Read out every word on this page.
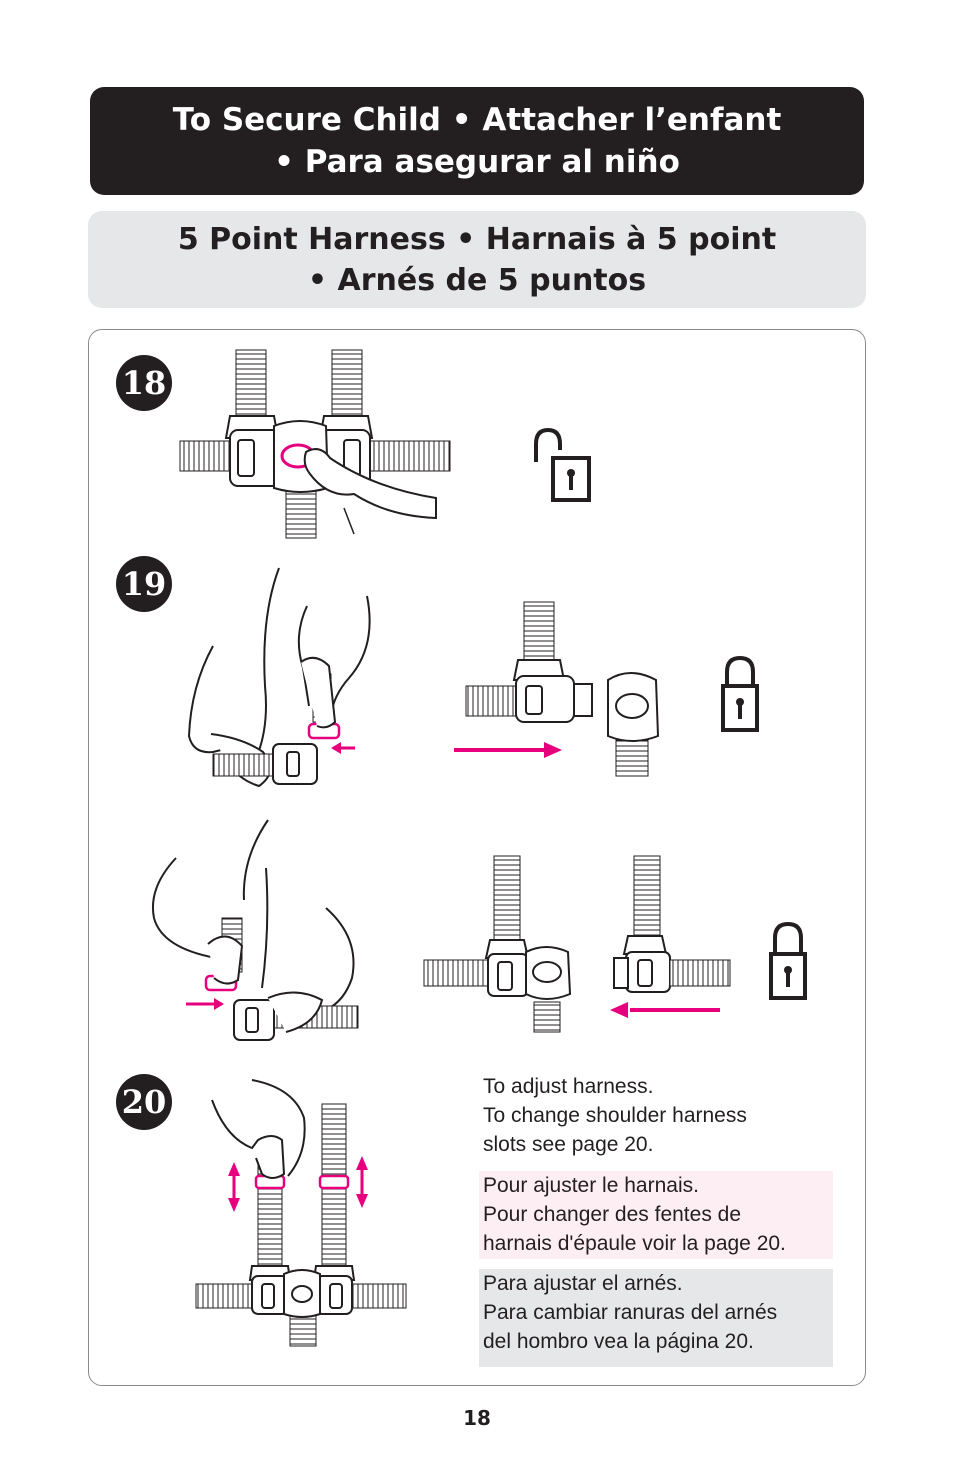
To Secure Child • Attacher l’enfant
• Para asegurar al niño
5 Point Harness • Harnais à 5 point
• Arnés de 5 puntos
18
19
20	To adjust harness.
To change shoulder harness
slots see page 20.
Pour ajuster le harnais.
Pour changer des fentes de
harnais d'épaule voir la page 20.
Para ajustar el arnés.
Para cambiar ranuras del arnés
del hombro vea la página 20.
18
